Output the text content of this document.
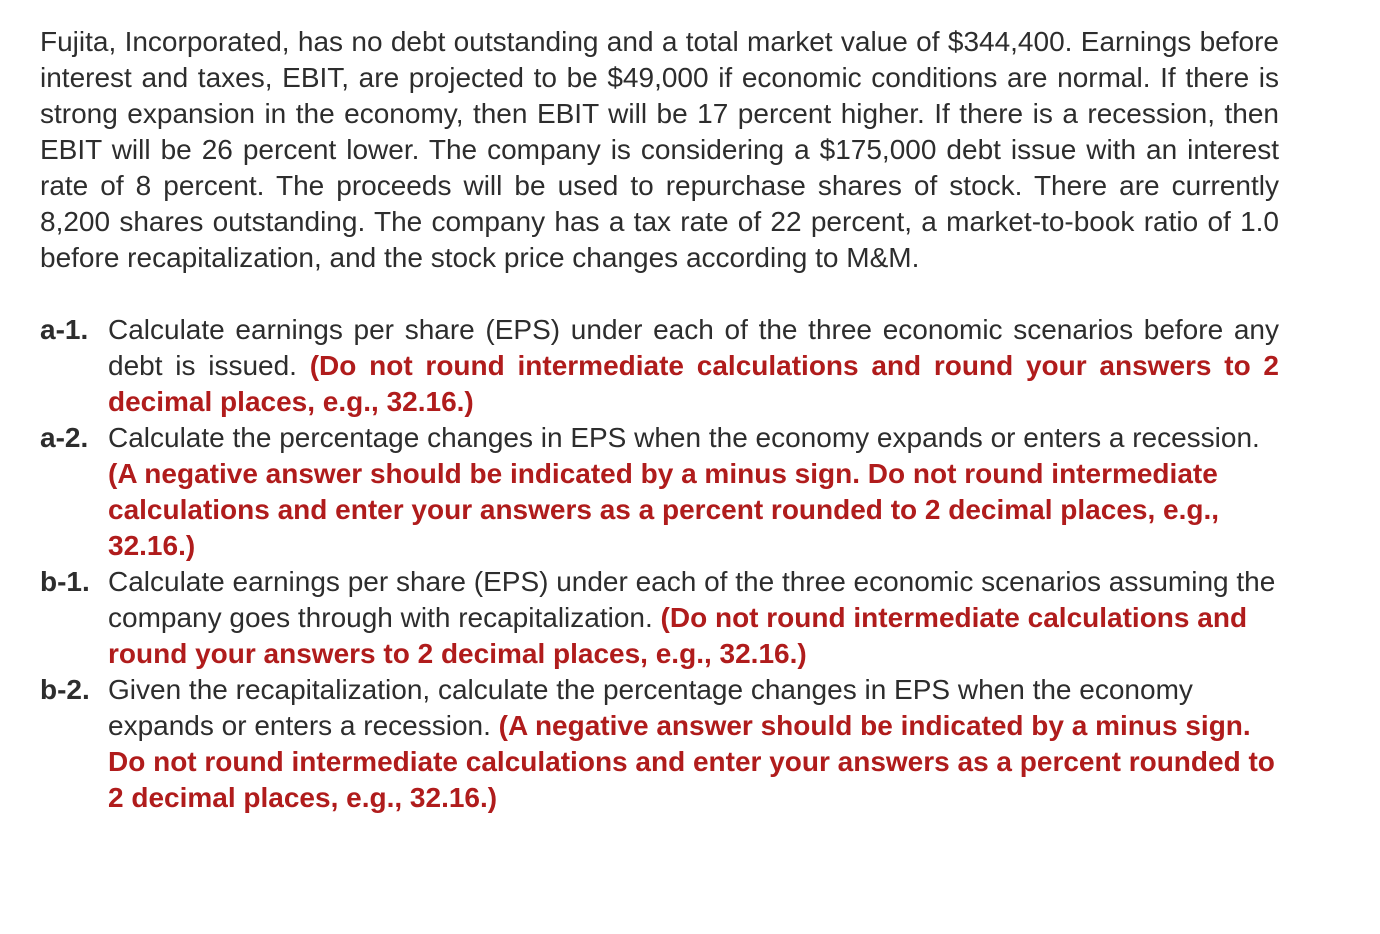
Fujita, Incorporated, has no debt outstanding and a total market value of $344,400. Earnings before interest and taxes, EBIT, are projected to be $49,000 if economic conditions are normal. If there is strong expansion in the economy, then EBIT will be 17 percent higher. If there is a recession, then EBIT will be 26 percent lower. The company is considering a $175,000 debt issue with an interest rate of 8 percent. The proceeds will be used to repurchase shares of stock. There are currently 8,200 shares outstanding. The company has a tax rate of 22 percent, a market-to-book ratio of 1.0 before recapitalization, and the stock price changes according to M&M.

a-1. Calculate earnings per share (EPS) under each of the three economic scenarios before any debt is issued. (Do not round intermediate calculations and round your answers to 2 decimal places, e.g., 32.16.)
a-2. Calculate the percentage changes in EPS when the economy expands or enters a recession. (A negative answer should be indicated by a minus sign. Do not round intermediate calculations and enter your answers as a percent rounded to 2 decimal places, e.g., 32.16.)
b-1. Calculate earnings per share (EPS) under each of the three economic scenarios assuming the company goes through with recapitalization. (Do not round intermediate calculations and round your answers to 2 decimal places, e.g., 32.16.)
b-2. Given the recapitalization, calculate the percentage changes in EPS when the economy expands or enters a recession. (A negative answer should be indicated by a minus sign. Do not round intermediate calculations and enter your answers as a percent rounded to 2 decimal places, e.g., 32.16.)
